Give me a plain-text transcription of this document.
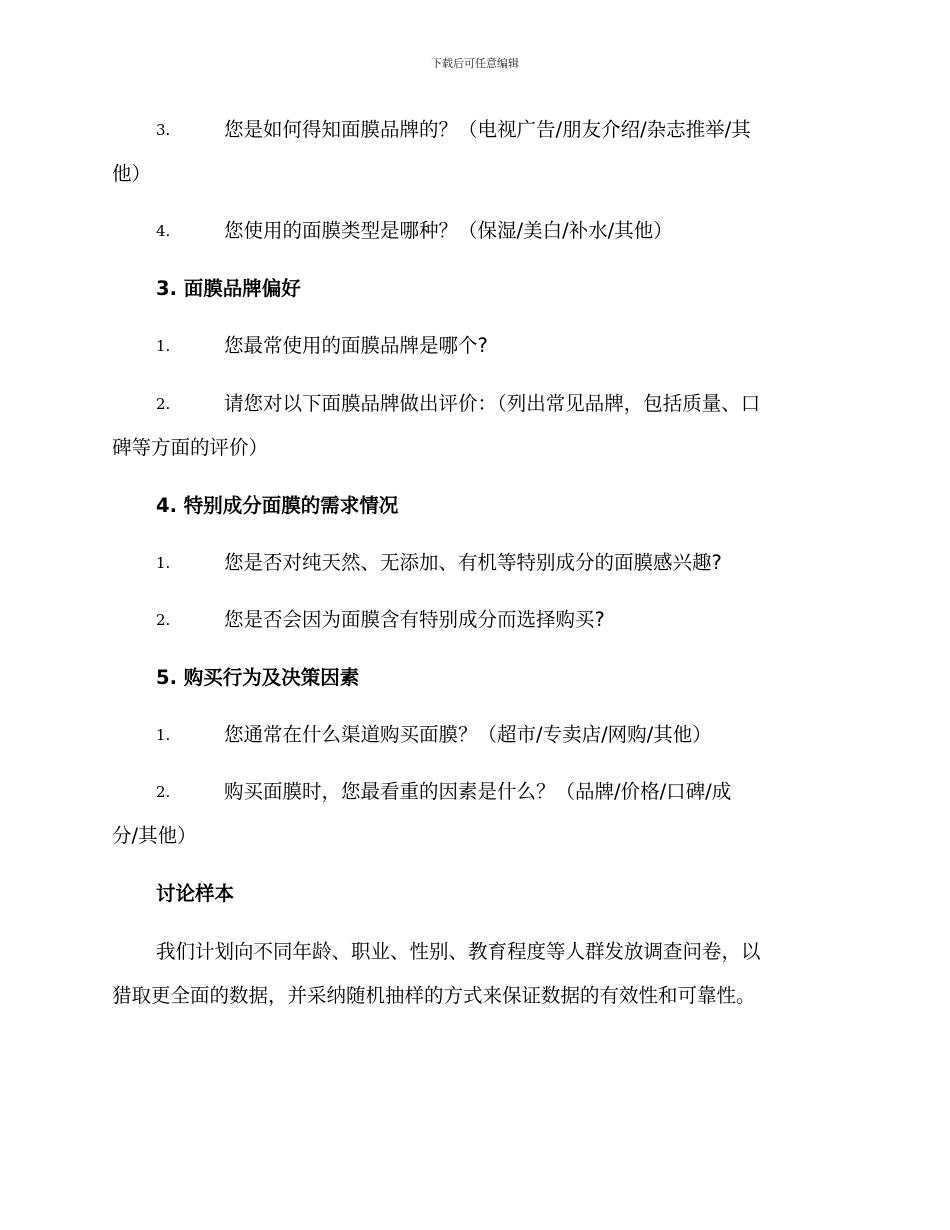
下载后可任意编辑
3.	您是如何得知面膜品牌的？（电视广告/朋友介绍/杂志推举/其
他）
4.	您使用的面膜类型是哪种？（保湿/美白/补水/其他）
3. 面膜品牌偏好
1.	您最常使用的面膜品牌是哪个?
2.	请您对以下面膜品牌做出评价：（列出常见品牌，包括质量、口
碑等方面的评价）
4. 特别成分面膜的需求情况
1.	您是否对纯天然、无添加、有机等特别成分的面膜感兴趣?
2.	您是否会因为面膜含有特别成分而选择购买?
5. 购买行为及决策因素
1.	您通常在什么渠道购买面膜？（超市/专卖店/网购/其他）
2.	购买面膜时，您最看重的因素是什么？（品牌/价格/口碑/成
分/其他）
讨论样本
我们计划向不同年龄、职业、性别、教育程度等人群发放调查问卷，以
猎取更全面的数据，并采纳随机抽样的方式来保证数据的有效性和可靠性。
